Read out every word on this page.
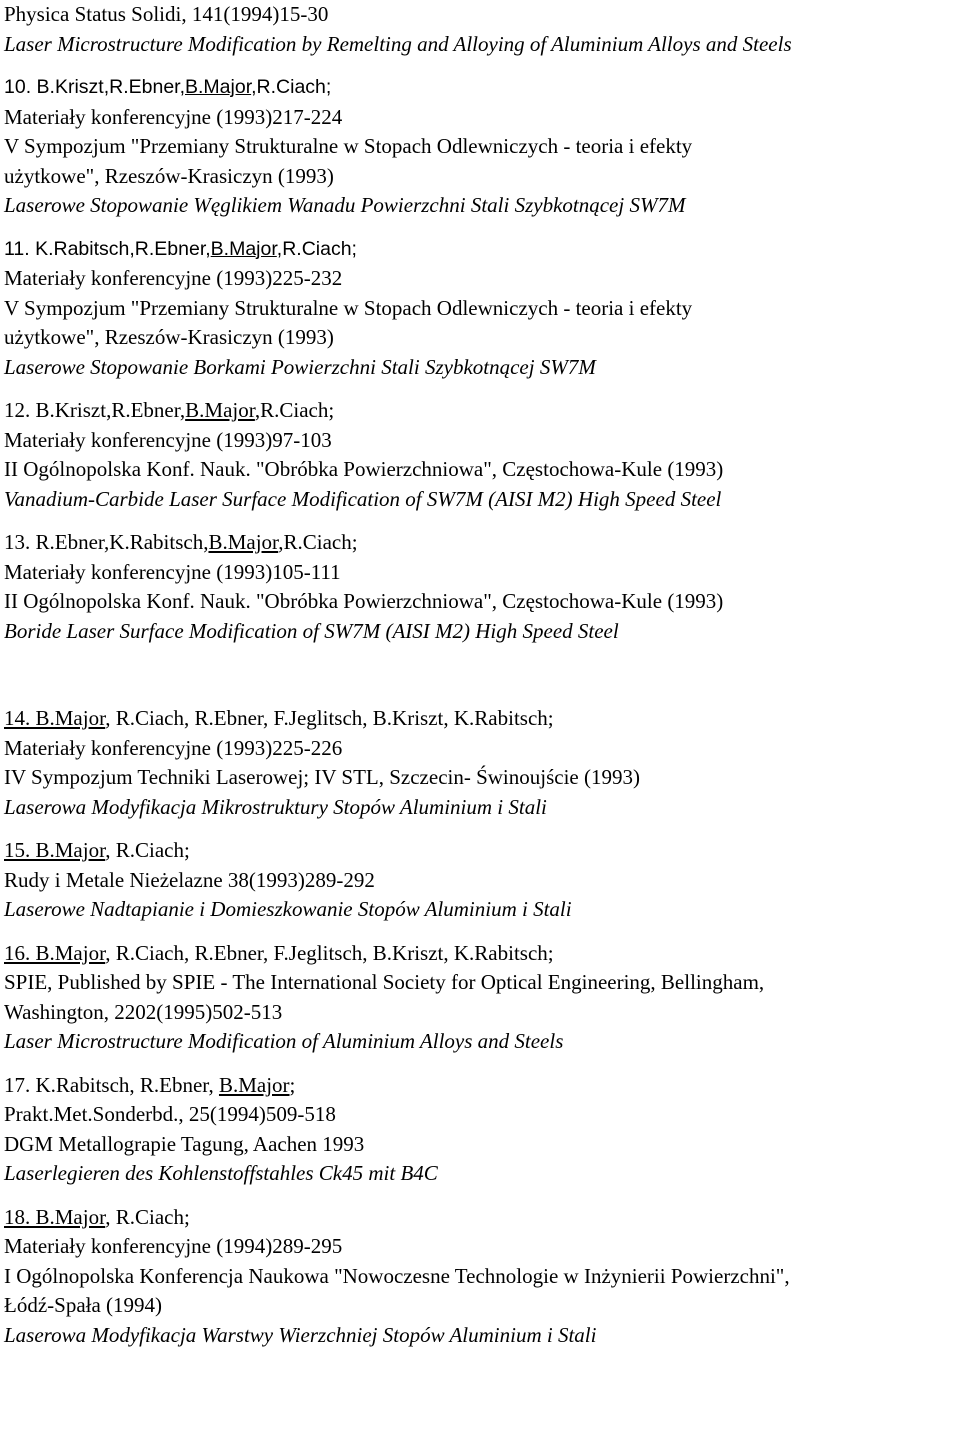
Physica Status Solidi, 141(1994)15-30
Laser Microstructure Modification by Remelting and Alloying of Aluminium Alloys and Steels
10. B.Kriszt,R.Ebner,B.Major,R.Ciach;
Materiały konferencyjne (1993)217-224
V Sympozjum "Przemiany Strukturalne w Stopach Odlewniczych - teoria i efekty
użytkowe", Rzeszów-Krasiczyn (1993)
Laserowe Stopowanie Węglikiem Wanadu Powierzchni Stali Szybkotnącej SW7M
11. K.Rabitsch,R.Ebner,B.Major,R.Ciach;
Materiały konferencyjne (1993)225-232
V Sympozjum "Przemiany Strukturalne w Stopach Odlewniczych - teoria i efekty
użytkowe", Rzeszów-Krasiczyn (1993)
Laserowe Stopowanie Borkami Powierzchni Stali Szybkotnącej SW7M
12. B.Kriszt,R.Ebner,B.Major,R.Ciach;
Materiały konferencyjne (1993)97-103
II Ogólnopolska Konf. Nauk. "Obróbka Powierzchniowa", Częstochowa-Kule (1993)
Vanadium-Carbide Laser Surface Modification of SW7M (AISI M2) High Speed Steel
13. R.Ebner,K.Rabitsch,B.Major,R.Ciach;
Materiały konferencyjne (1993)105-111
II Ogólnopolska Konf. Nauk. "Obróbka Powierzchniowa", Częstochowa-Kule (1993)
Boride Laser Surface Modification of SW7M (AISI M2) High Speed Steel
14. B.Major, R.Ciach, R.Ebner, F.Jeglitsch, B.Kriszt, K.Rabitsch;
Materiały konferencyjne (1993)225-226
IV Sympozjum Techniki Laserowej; IV STL, Szczecin- Świnoujście (1993)
Laserowa Modyfikacja Mikrostruktury Stopów Aluminium i Stali
15. B.Major, R.Ciach;
Rudy i Metale Nieżelazne 38(1993)289-292
Laserowe Nadtapianie i Domieszkowanie Stopów Aluminium i Stali
16. B.Major, R.Ciach, R.Ebner, F.Jeglitsch, B.Kriszt, K.Rabitsch;
SPIE, Published by SPIE - The International Society for Optical Engineering, Bellingham,
Washington, 2202(1995)502-513
Laser Microstructure Modification of Aluminium Alloys and Steels
17. K.Rabitsch, R.Ebner, B.Major;
Prakt.Met.Sonderbd., 25(1994)509-518
DGM Metallograpie Tagung, Aachen 1993
Laserlegieren des Kohlenstoffstahles Ck45 mit B4C
18. B.Major, R.Ciach;
Materiały konferencyjne (1994)289-295
I Ogólnopolska Konferencja Naukowa "Nowoczesne Technologie w Inżynierii Powierzchni",
Łódź-Spała (1994)
Laserowa Modyfikacja Warstwy Wierzchniej Stopów Aluminium i Stali
